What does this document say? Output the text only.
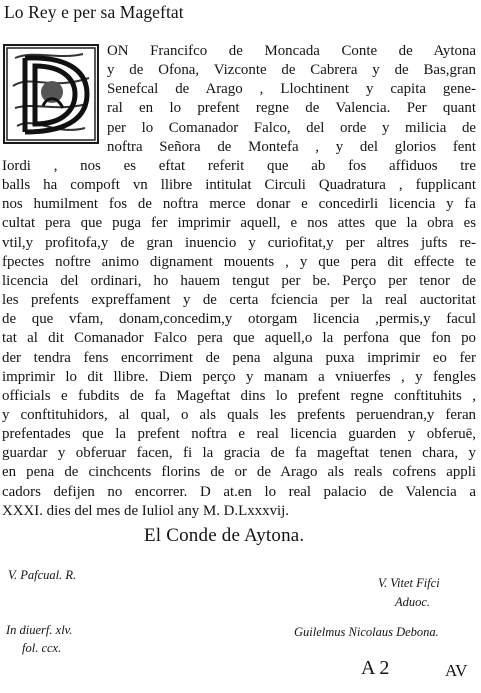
Lo Rey e per sa Mageftat
D
ON Francifco de Moncada Conte de Aytona
y de Ofona, Vizconte de Cabrera y de Bas,gran
Senefcal de Arago , Llochtinent y capita gene-
ral en lo prefent regne de Valencia. Per quant
per lo Comanador Falco, del orde y milicia de
noftra Señora de Montefa , y del glorios fent
Iordi , nos es eftat referit que ab fos affiduos tre
balls ha compoft vn llibre intitulat Circuli Quadratura , fupplicant
nos humilment fos de noftra merce donar e concedirli licencia y fa
cultat pera que puga fer imprimir aquell, e nos attes que la obra es
vtil,y profitofa,y de gran inuencio y curiofitat,y per altres jufts re-
fpectes noftre animo dignament mouents , y que pera dit effecte te
licencia del ordinari, ho hauem tengut per be. Perço per tenor de
les prefents expreffament y de certa fciencia per la real auctoritat
de que vfam, donam,concedim,y otorgam licencia ,permis,y facul
tat al dit Comanador Falco pera que aquell,o la perfona que fon po
der tendra fens encorriment de pena alguna puxa imprimir eo fer
imprimir lo dit llibre. Diem perço y manam a vniuerfes , y fengles
officials e fubdits de fa Mageftat dins lo prefent regne conftituhits ,
y conftituhidors, al qual, o als quals les prefents peruendran,y feran
prefentades que la prefent noftra e real licencia guarden y obferuē,
guardar y obferuar facen, fi la gracia de fa mageftat tenen chara, y
en pena de cinchcents florins de or de Arago als reals cofrens appli
cadors defijen no encorrer. D at.en lo real palacio de Valencia a
XXXI. dies del mes de Iuliol any M. D.Lxxxvij.
El Conde de Aytona.
V. Pafcual. R.
In diuerf. xlv.
fol. ccx.
V. Vitet Fifci
Aduoc.
Guilelmus Nicolaus Debona.
A 2	AV
